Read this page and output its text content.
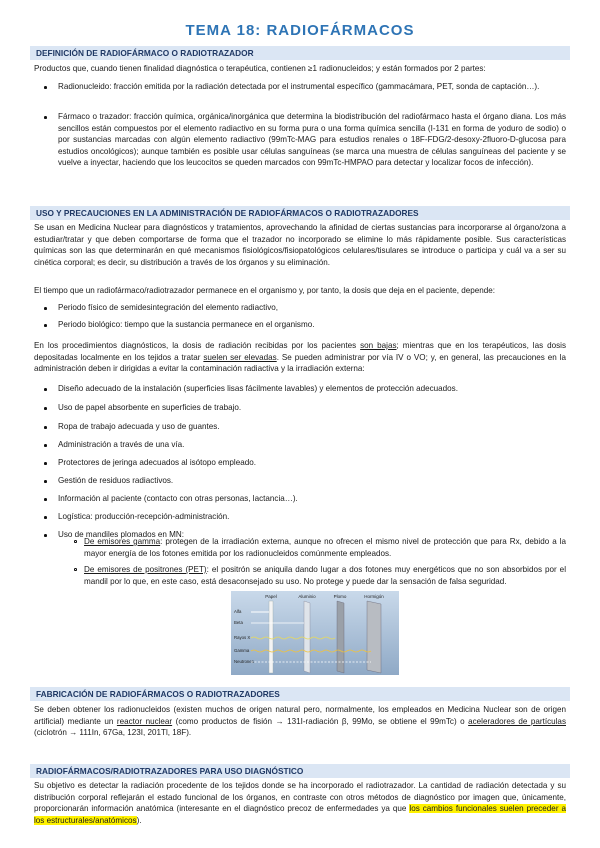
TEMA 18: RADIOFÁRMACOS
DEFINICIÓN DE RADIOFÁRMACO O RADIOTRAZADOR
Productos que, cuando tienen finalidad diagnóstica o terapéutica, contienen ≥1 radionucleidos; y están formados por 2 partes:
Radionucleido: fracción emitida por la radiación detectada por el instrumental específico (gammacámara, PET, sonda de captación…).
Fármaco o trazador: fracción química, orgánica/inorgánica que determina la biodistribución del radiofármaco hasta el órgano diana. Los más sencillos están compuestos por el elemento radiactivo en su forma pura o una forma química sencilla (I-131 en forma de yoduro de sodio) o por sustancias marcadas con algún elemento radiactivo (99mTc-MAG para estudios renales o 18F-FDG/2-desoxy-2fluoro-D-glucosa para estudios oncológicos); aunque también es posible usar células sanguíneas (se marca una muestra de células sanguíneas del paciente y se vuelve a inyectar, haciendo que los leucocitos se queden marcados con 99mTc-HMPAO para detectar y localizar focos de infección).
USO Y PRECAUCIONES EN LA ADMINISTRACIÓN DE RADIOFÁRMACOS O RADIOTRAZADORES
Se usan en Medicina Nuclear para diagnósticos y tratamientos, aprovechando la afinidad de ciertas sustancias para incorporarse al órgano/zona a estudiar/tratar y que deben comportarse de forma que el trazador no incorporado se elimine lo más rápidamente posible. Sus características químicas son las que determinarán en qué mecanismos fisiológicos/fisiopatológicos celulares/tisulares se introduce o participa y cuál va a ser su cinética corporal; es decir, su distribución a través de los órganos y su eliminación.
El tiempo que un radiofármaco/radiotrazador permanece en el organismo y, por tanto, la dosis que deja en el paciente, depende:
Periodo físico de semidesintegración del elemento radiactivo,
Periodo biológico: tiempo que la sustancia permanece en el organismo.
En los procedimientos diagnósticos, la dosis de radiación recibidas por los pacientes son bajas; mientras que en los terapéuticos, las dosis depositadas localmente en los tejidos a tratar suelen ser elevadas. Se pueden administrar por vía IV o VO; y, en general, las precauciones en la administración deben ir dirigidas a evitar la contaminación radiactiva y la irradiación externa:
Diseño adecuado de la instalación (superficies lisas fácilmente lavables) y elementos de protección adecuados.
Uso de papel absorbente en superficies de trabajo.
Ropa de trabajo adecuada y uso de guantes.
Administración a través de una vía.
Protectores de jeringa adecuados al isótopo empleado.
Gestión de residuos radiactivos.
Información al paciente (contacto con otras personas, lactancia…).
Logística: producción-recepción-administración.
Uso de mandiles plomados en MN:
De emisores gamma: protegen de la irradiación externa, aunque no ofrecen el mismo nivel de protección que para Rx, debido a la mayor energía de los fotones emitida por los radionucleidos comúnmente empleados.
De emisores de positrones (PET): el positrón se aniquila dando lugar a dos fotones muy energéticos que no son absorbidos por el mandil por lo que, en este caso, está desaconsejado su uso. No protege y puede dar la sensación de falsa seguridad.
Papel	Aluminio	Plomo	Hormigón
Alfa
Beta
Rayos X
Gamma
Neutrones
FABRICACIÓN DE RADIOFÁRMACOS O RADIOTRAZADORES
Se deben obtener los radionucleidos (existen muchos de origen natural pero, normalmente, los empleados en Medicina Nuclear son de origen artificial) mediante un reactor nuclear (como productos de fisión → 131I-radiación β, 99Mo, se obtiene el 99mTc) o aceleradores de partículas (ciclotrón → 111In, 67Ga, 123I, 201Tl, 18F).
RADIOFÁRMACOS/RADIOTRAZADORES PARA USO DIAGNÓSTICO
Su objetivo es detectar la radiación procedente de los tejidos donde se ha incorporado el radiotrazador. La cantidad de radiación detectada y su distribución corporal reflejarán el estado funcional de los órganos, en contraste con otros métodos de diagnóstico por imagen que, únicamente, proporcionarán información anatómica (interesante en el diagnóstico precoz de enfermedades ya que los cambios funcionales suelen preceder a los estructurales/anatómicos).
